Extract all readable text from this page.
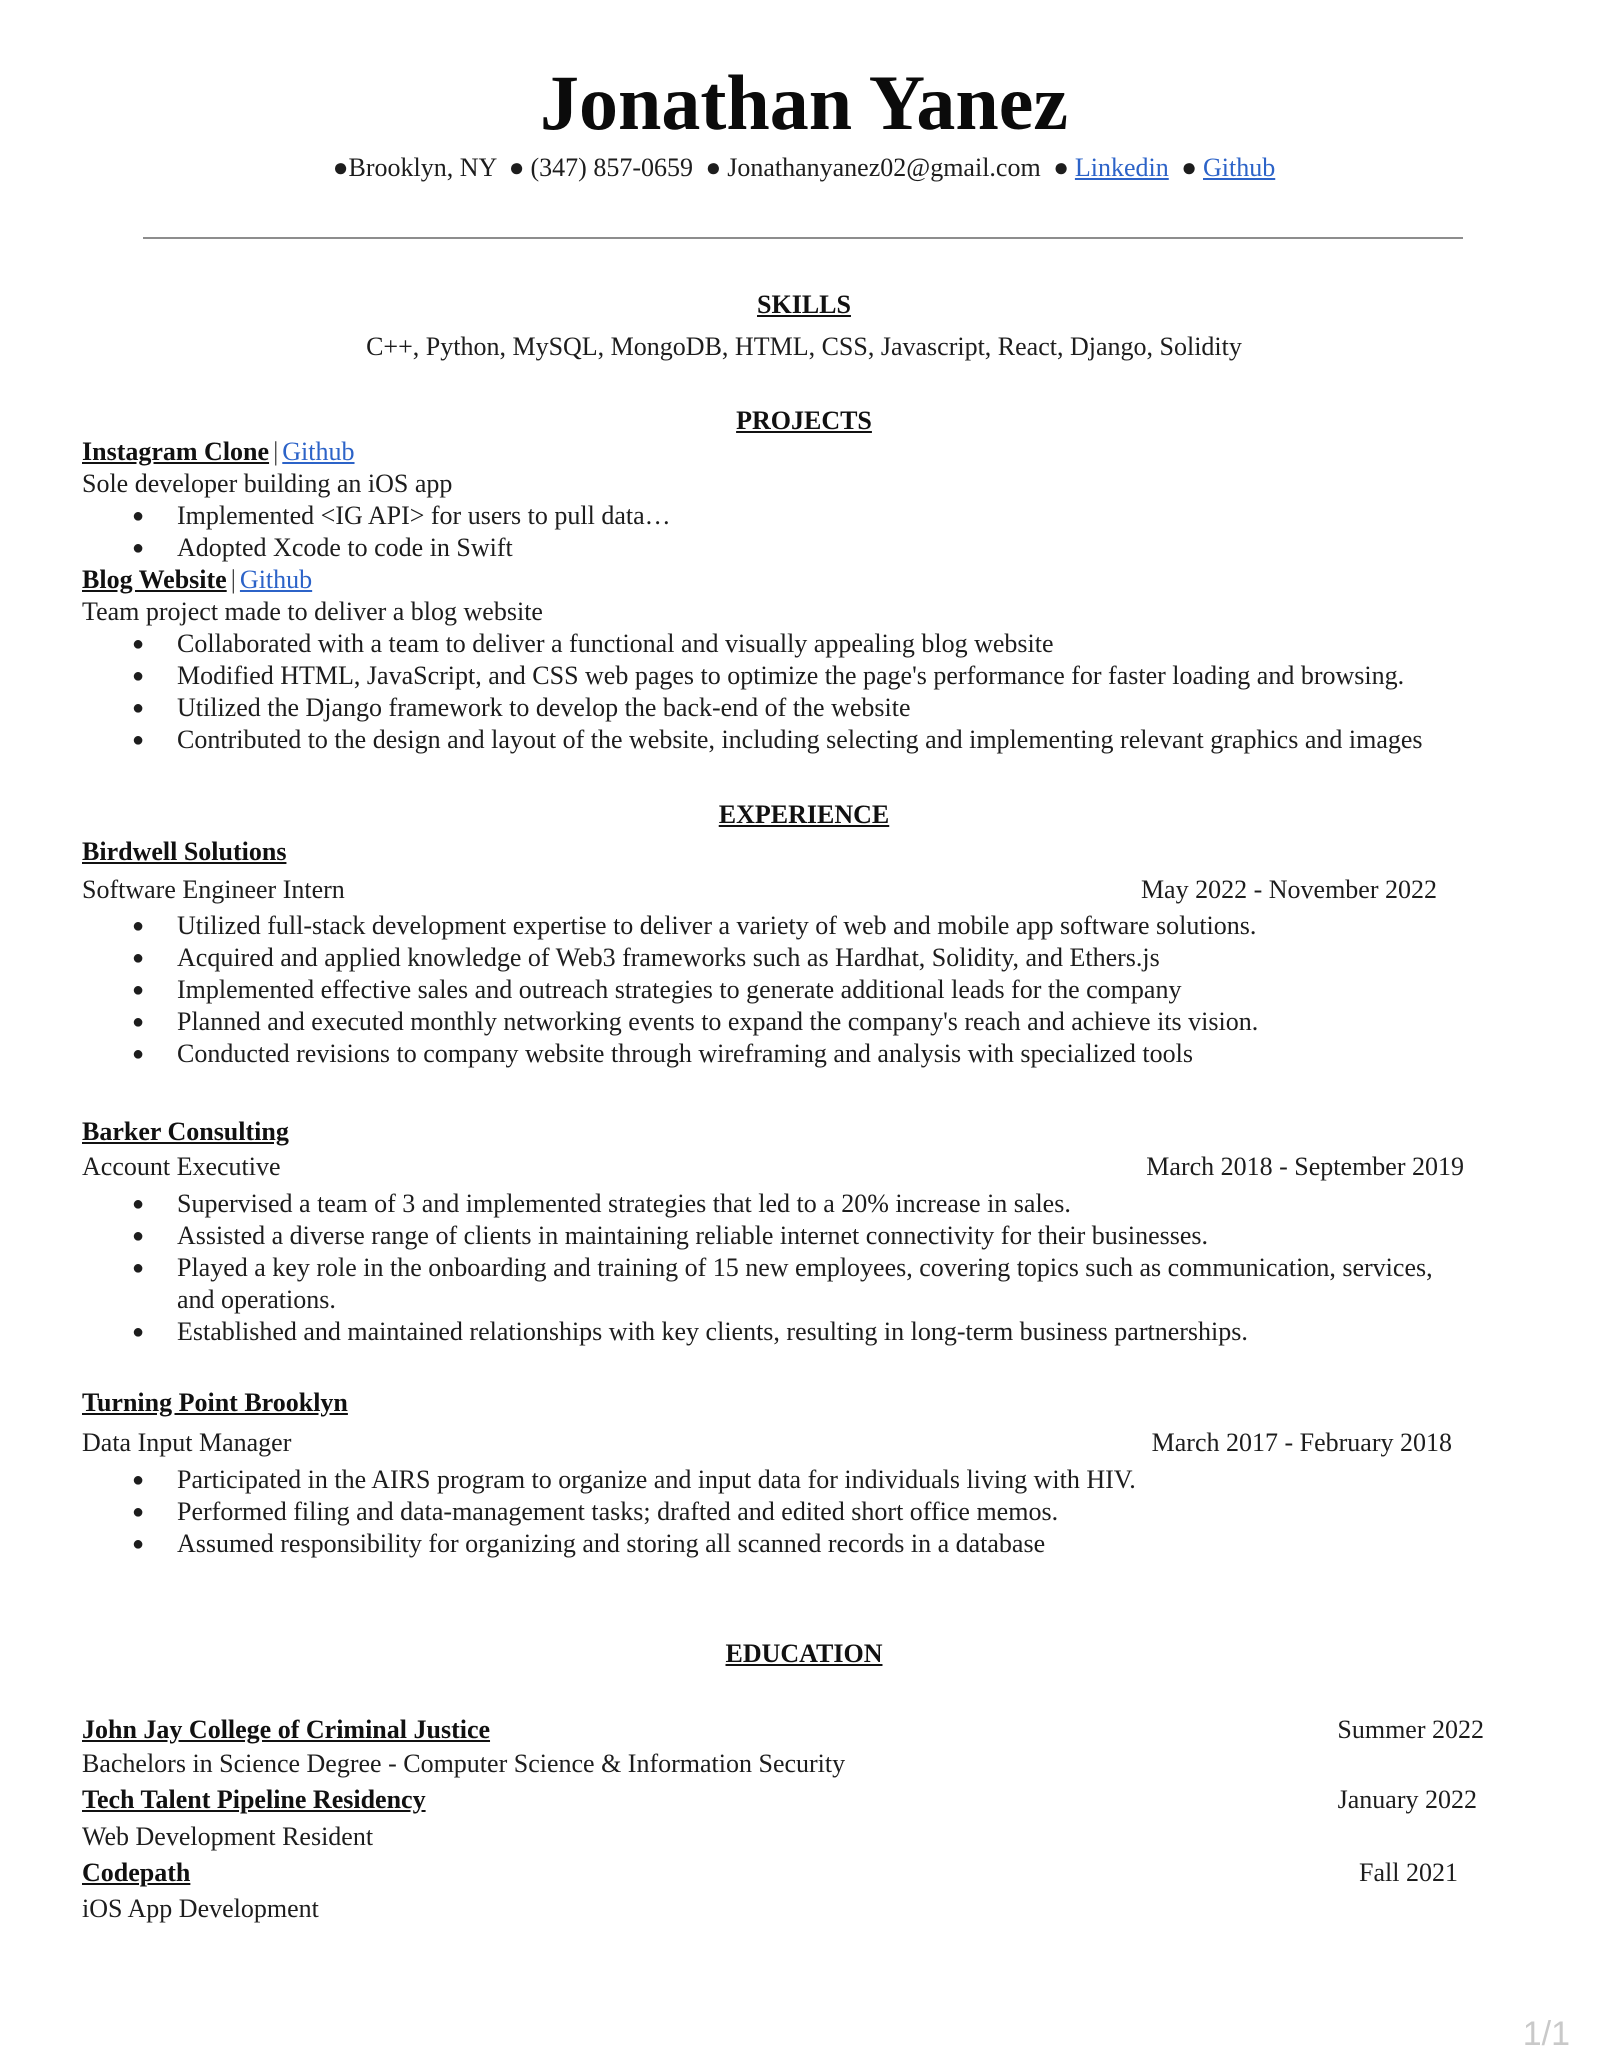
Jonathan Yanez
●Brooklyn, NY ● (347) 857-0659 ● Jonathanyanez02@gmail.com ● Linkedin ● Github
SKILLS
C++, Python, MySQL, MongoDB, HTML, CSS, Javascript, React, Django, Solidity
PROJECTS
Instagram Clone | Github
Sole developer building an iOS app
● Implemented <IG API> for users to pull data…
● Adopted Xcode to code in Swift
Blog Website | Github
Team project made to deliver a blog website
● Collaborated with a team to deliver a functional and visually appealing blog website
● Modified HTML, JavaScript, and CSS web pages to optimize the page's performance for faster loading and browsing.
● Utilized the Django framework to develop the back-end of the website
● Contributed to the design and layout of the website, including selecting and implementing relevant graphics and images
EXPERIENCE
Birdwell Solutions
Software Engineer Intern	May 2022 - November 2022
● Utilized full-stack development expertise to deliver a variety of web and mobile app software solutions.
● Acquired and applied knowledge of Web3 frameworks such as Hardhat, Solidity, and Ethers.js
● Implemented effective sales and outreach strategies to generate additional leads for the company
● Planned and executed monthly networking events to expand the company's reach and achieve its vision.
● Conducted revisions to company website through wireframing and analysis with specialized tools
Barker Consulting
Account Executive	March 2018 - September 2019
● Supervised a team of 3 and implemented strategies that led to a 20% increase in sales.
● Assisted a diverse range of clients in maintaining reliable internet connectivity for their businesses.
● Played a key role in the onboarding and training of 15 new employees, covering topics such as communication, services, and operations.
● Established and maintained relationships with key clients, resulting in long-term business partnerships.
Turning Point Brooklyn
Data Input Manager	March 2017 - February 2018
● Participated in the AIRS program to organize and input data for individuals living with HIV.
● Performed filing and data-management tasks; drafted and edited short office memos.
● Assumed responsibility for organizing and storing all scanned records in a database
EDUCATION
John Jay College of Criminal Justice	Summer 2022
Bachelors in Science Degree - Computer Science & Information Security
Tech Talent Pipeline Residency	January 2022
Web Development Resident
Codepath	Fall 2021
iOS App Development
1/1
